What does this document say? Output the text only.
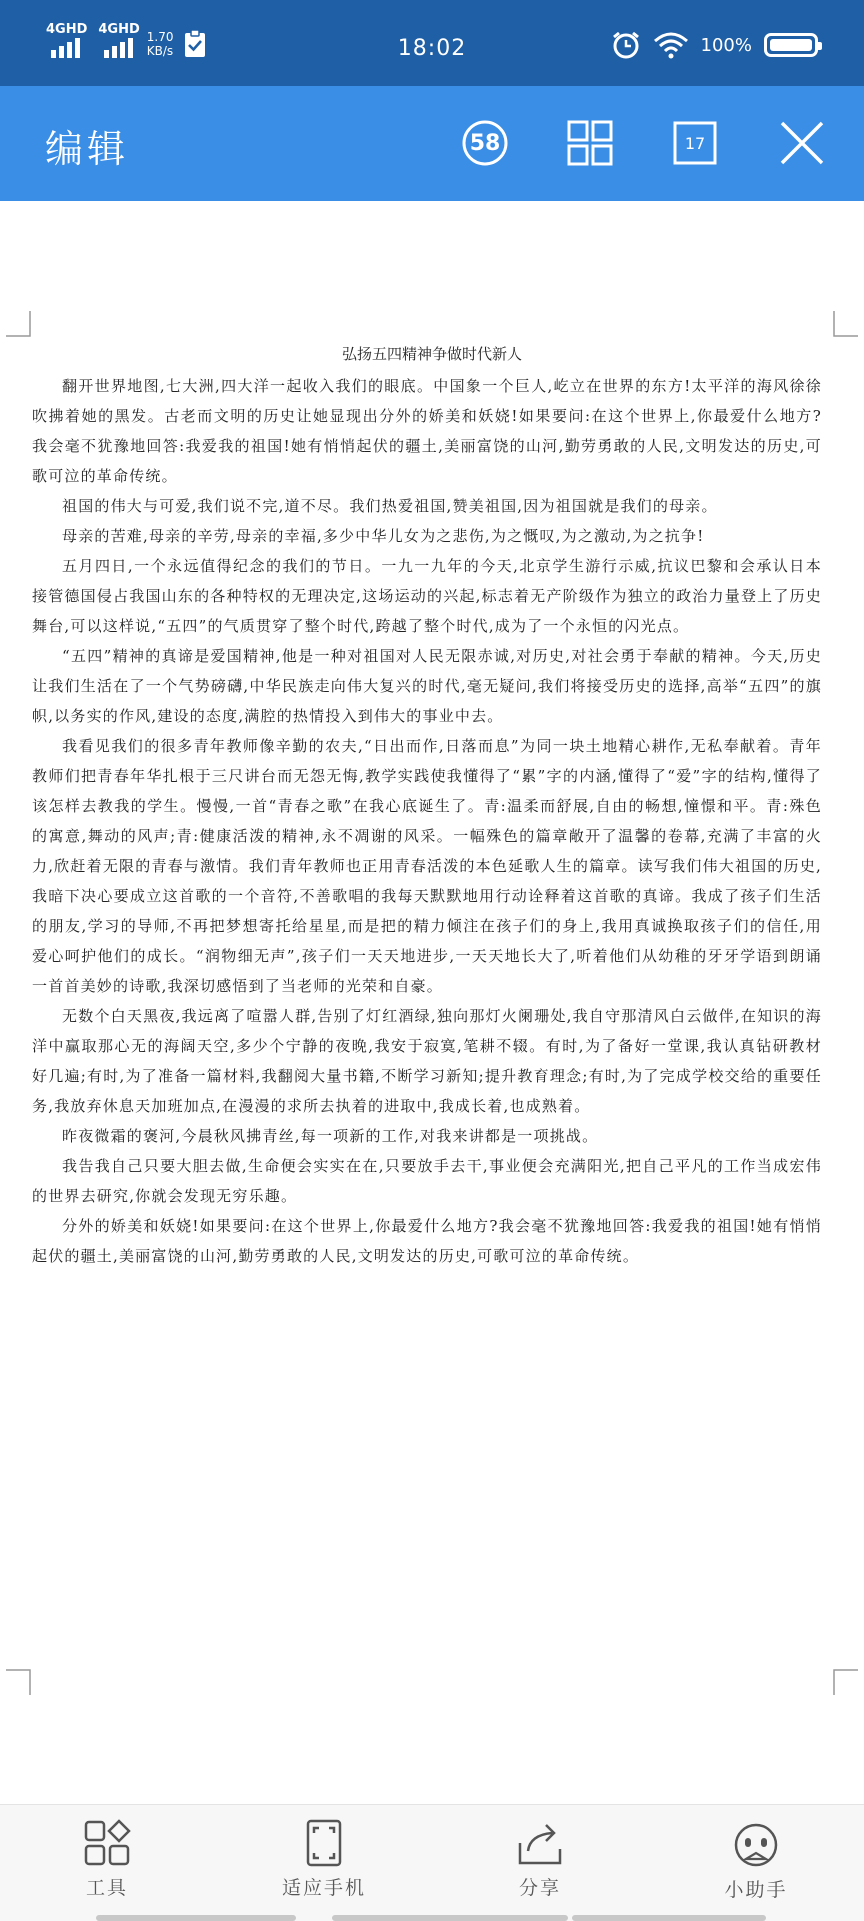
4GHD 4GHD 1.70
KB/s	18:02	100%
编辑	58	17
弘扬五四精神争做时代新人

翻开世界地图,七大洲,四大洋一起收入我们的眼底。中国象一个巨人,屹立在世界的东方!太平洋的海风徐徐吹拂着她的黑发。古老而文明的历史让她显现出分外的娇美和妖娆!如果要问:在这个世界上,你最爱什么地方?我会毫不犹豫地回答:我爱我的祖国!她有悄悄起伏的疆土,美丽富饶的山河,勤劳勇敢的人民,文明发达的历史,可歌可泣的革命传统。

祖国的伟大与可爱,我们说不完,道不尽。我们热爱祖国,赞美祖国,因为祖国就是我们的母亲。

母亲的苦难,母亲的辛劳,母亲的幸福,多少中华儿女为之悲伤,为之慨叹,为之激动,为之抗争!

五月四日,一个永远值得纪念的我们的节日。一九一九年的今天,北京学生游行示威,抗议巴黎和会承认日本接管德国侵占我国山东的各种特权的无理决定,这场运动的兴起,标志着无产阶级作为独立的政治力量登上了历史舞台,可以这样说,“五四”的气质贯穿了整个时代,跨越了整个时代,成为了一个永恒的闪光点。

“五四”精神的真谛是爱国精神,他是一种对祖国对人民无限赤诚,对历史,对社会勇于奉献的精神。今天,历史让我们生活在了一个气势磅礴,中华民族走向伟大复兴的时代,毫无疑问,我们将接受历史的选择,高举“五四”的旗帜,以务实的作风,建设的态度,满腔的热情投入到伟大的事业中去。

我看见我们的很多青年教师像辛勤的农夫,“日出而作,日落而息”为同一块土地精心耕作,无私奉献着。青年教师们把青春年华扎根于三尺讲台而无怨无悔,教学实践使我懂得了“累”字的内涵,懂得了“爱”字的结构,懂得了该怎样去教我的学生。慢慢,一首“青春之歌”在我心底诞生了。青:温柔而舒展,自由的畅想,憧憬和平。青:殊色的寓意,舞动的风声;青:健康活泼的精神,永不凋谢的风采。一幅殊色的篇章敞开了温馨的卷幕,充满了丰富的火力,欣赶着无限的青春与激情。我们青年教师也正用青春活泼的本色延歌人生的篇章。读写我们伟大祖国的历史,我暗下决心要成立这首歌的一个音符,不善歌唱的我每天默默地用行动诠释着这首歌的真谛。我成了孩子们生活的朋友,学习的导师,不再把梦想寄托给星星,而是把的精力倾注在孩子们的身上,我用真诚换取孩子们的信任,用爱心呵护他们的成长。“润物细无声”,孩子们一天天地进步,一天天地长大了,听着他们从幼稚的牙牙学语到朗诵一首首美妙的诗歌,我深切感悟到了当老师的光荣和自豪。

无数个白天黑夜,我远离了喧嚣人群,告别了灯红酒绿,独向那灯火阑珊处,我自守那清风白云做伴,在知识的海洋中赢取那心无的海阔天空,多少个宁静的夜晚,我安于寂寞,笔耕不辍。有时,为了备好一堂课,我认真钻研教材好几遍;有时,为了准备一篇材料,我翻阅大量书籍,不断学习新知;提升教育理念;有时,为了完成学校交给的重要任务,我放弃休息天加班加点,在漫漫的求所去执着的进取中,我成长着,也成熟着。

昨夜微霜的褒河,今晨秋风拂青丝,每一项新的工作,对我来讲都是一项挑战。

我告我自己只要大胆去做,生命便会实实在在,只要放手去干,事业便会充满阳光,把自己平凡的工作当成宏伟的世界去研究,你就会发现无穷乐趣。

分外的娇美和妖娆!如果要问:在这个世界上,你最爱什么地方?我会毫不犹豫地回答:我爱我的祖国!她有悄悄起伏的疆土,美丽富饶的山河,勤劳勇敢的人民,文明发达的历史,可歌可泣的革命传统。

工具	适应手机	分享	小助手
